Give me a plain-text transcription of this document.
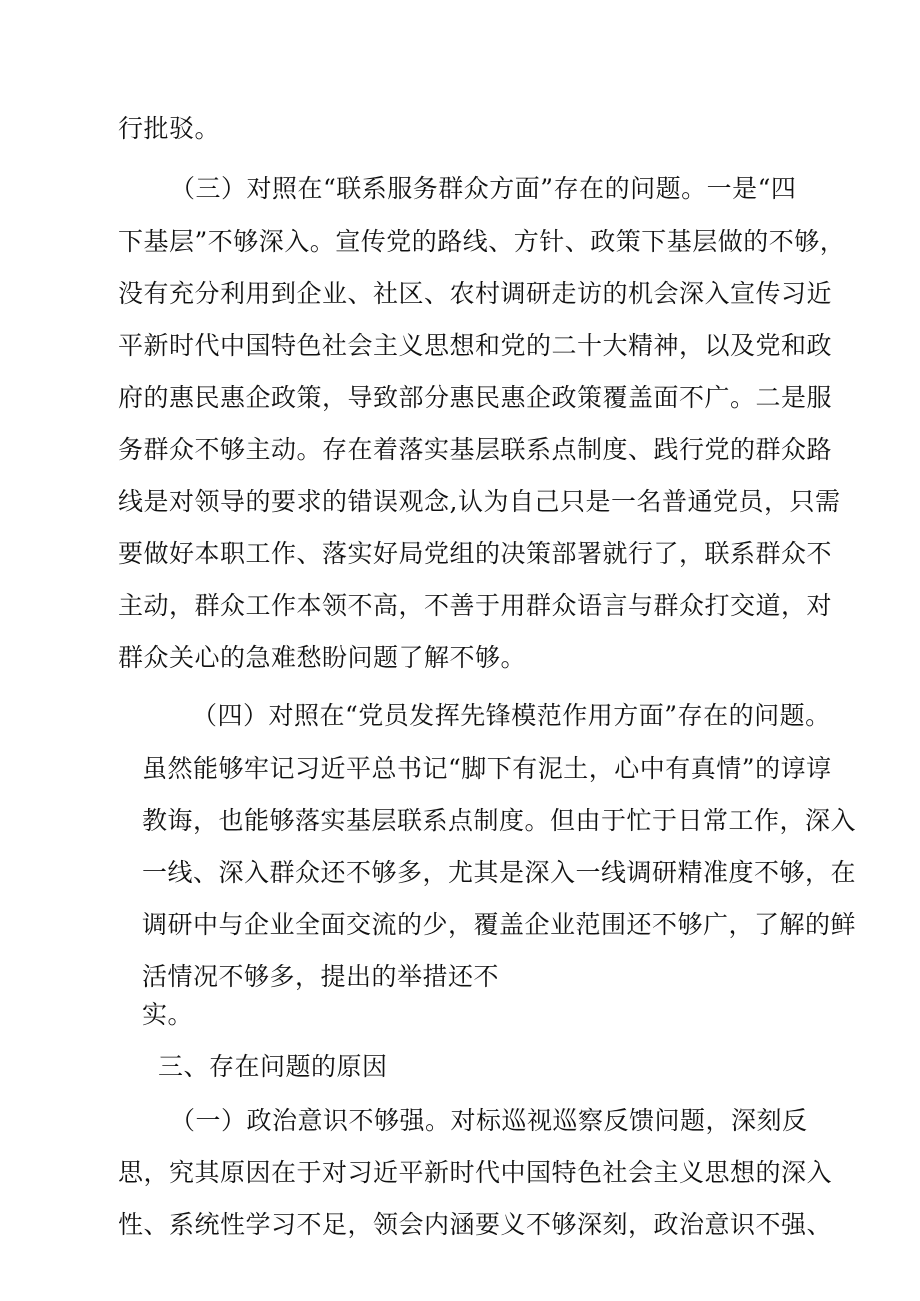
行批驳。
（三）对照在“联系服务群众方面”存在的问题。一是“四
下基层”不够深入。宣传党的路线、方针、政策下基层做的不够，
没有充分利用到企业、社区、农村调研走访的机会深入宣传习近
平新时代中国特色社会主义思想和党的二十大精神，以及党和政
府的惠民惠企政策，导致部分惠民惠企政策覆盖面不广。二是服
务群众不够主动。存在着落实基层联系点制度、践行党的群众路
线是对领导的要求的错误观念,认为自己只是一名普通党员，只需
要做好本职工作、落实好局党组的决策部署就行了，联系群众不
主动，群众工作本领不高，不善于用群众语言与群众打交道，对
群众关心的急难愁盼问题了解不够。
（四）对照在“党员发挥先锋模范作用方面”存在的问题。
虽然能够牢记习近平总书记“脚下有泥土，心中有真情”的谆谆
教诲，也能够落实基层联系点制度。但由于忙于日常工作，深入
一线、深入群众还不够多，尤其是深入一线调研精准度不够，在
调研中与企业全面交流的少，覆盖企业范围还不够广，了解的鲜
活情况不够多，提出的举措还不
实。
三、存在问题的原因
（一）政治意识不够强。对标巡视巡察反馈问题，深刻反
思，究其原因在于对习近平新时代中国特色社会主义思想的深入
性、系统性学习不足，领会内涵要义不够深刻，政治意识不强、
